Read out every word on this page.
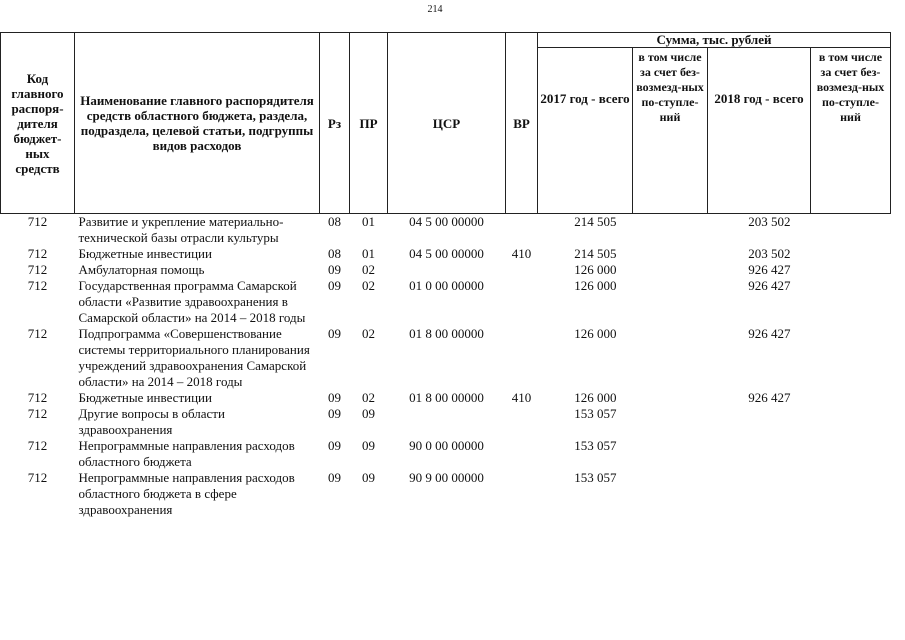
214
Код главного распоря-дителя бюджет-ных средств	Наименование главного распорядителя средств областного бюджета, раздела, подраздела, целевой статьи, подгруппы видов расходов	Рз	ПР	ЦСР	ВР	Сумма, тыс. рублей			
						2017 год - всего	в том числе за счет без-возмезд-ных по-ступле-ний	2018 год - всего	в том числе за счет без-возмезд-ных по-ступле-ний
712	Развитие и укрепление материально-технической базы отрасли культуры	08	01	04 5 00 00000		214 505		203 502	
712	Бюджетные инвестиции	08	01	04 5 00 00000	410	214 505		203 502	
712	Амбулаторная помощь	09	02			126 000		926 427	
712	Государственная программа Самарской области «Развитие здравоохранения в Самарской области» на 2014 – 2018 годы	09	02	01 0 00 00000		126 000		926 427	
712	Подпрограмма «Совершенствование системы территориального планирования учреждений здравоохранения Самарской области» на 2014 – 2018 годы	09	02	01 8 00 00000		126 000		926 427	
712	Бюджетные инвестиции	09	02	01 8 00 00000	410	126 000		926 427	
712	Другие вопросы в области здравоохранения	09	09			153 057			
712	Непрограммные направления расходов областного бюджета	09	09	90 0 00 00000		153 057			
712	Непрограммные направления расходов областного бюджета в сфере здравоохранения	09	09	90 9 00 00000		153 057			
